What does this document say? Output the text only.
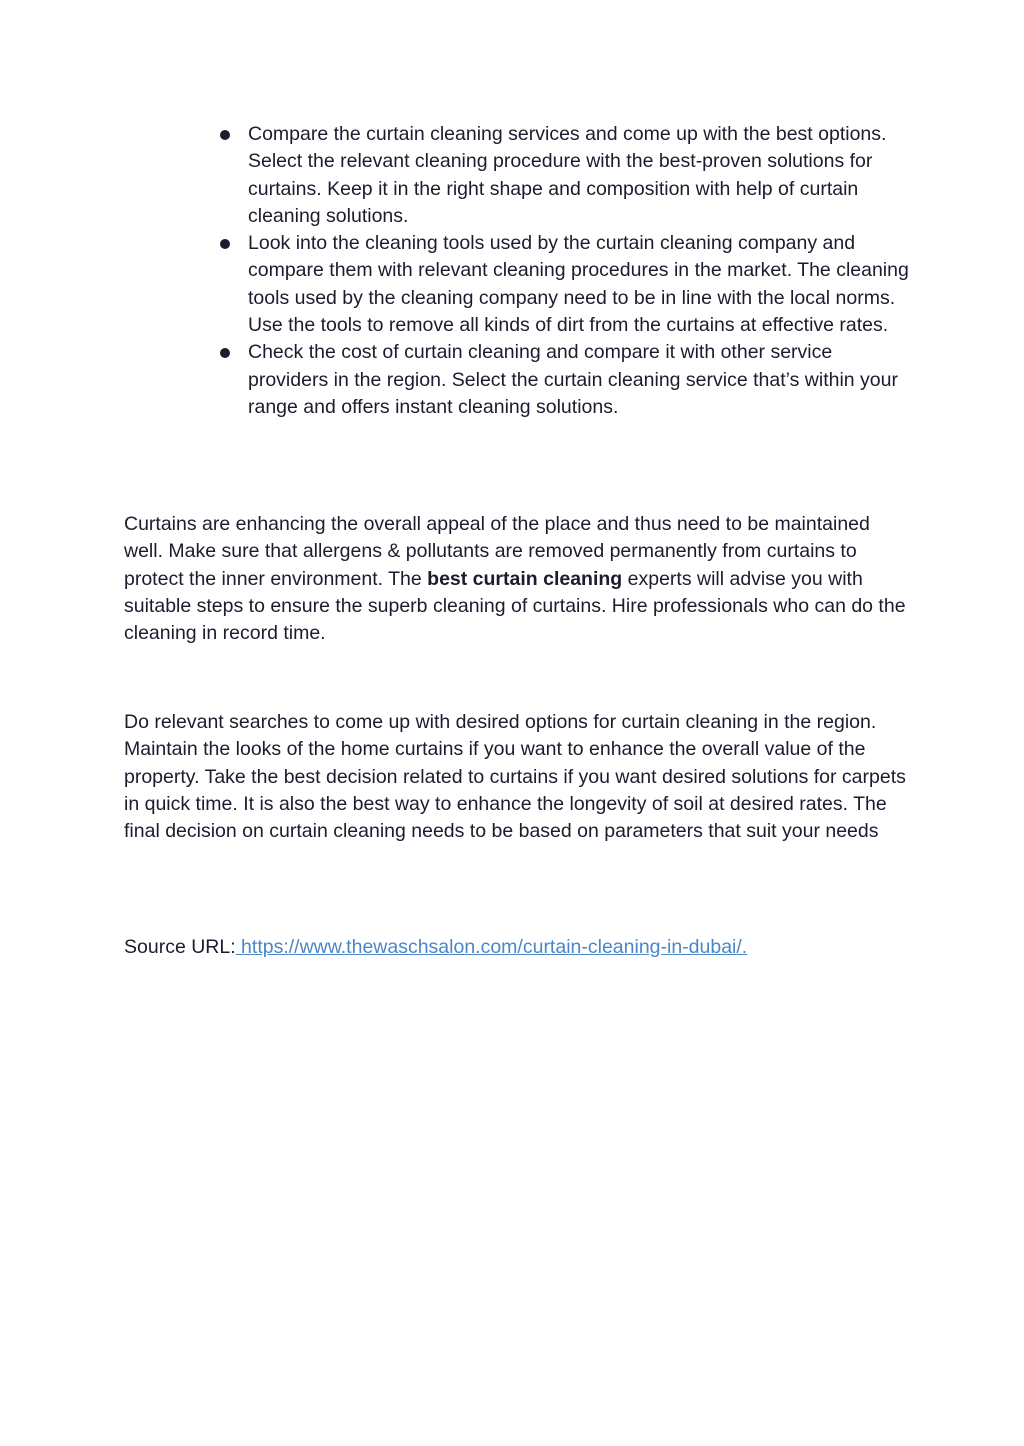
Compare the curtain cleaning services and come up with the best options. Select the relevant cleaning procedure with the best-proven solutions for curtains. Keep it in the right shape and composition with help of curtain cleaning solutions.
Look into the cleaning tools used by the curtain cleaning company and compare them with relevant cleaning procedures in the market. The cleaning tools used by the cleaning company need to be in line with the local norms. Use the tools to remove all kinds of dirt from the curtains at effective rates.
Check the cost of curtain cleaning and compare it with other service providers in the region. Select the curtain cleaning service that’s within your range and offers instant cleaning solutions.

Curtains are enhancing the overall appeal of the place and thus need to be maintained well. Make sure that allergens & pollutants are removed permanently from curtains to protect the inner environment. The best curtain cleaning experts will advise you with suitable steps to ensure the superb cleaning of curtains. Hire professionals who can do the cleaning in record time.

Do relevant searches to come up with desired options for curtain cleaning in the region. Maintain the looks of the home curtains if you want to enhance the overall value of the property. Take the best decision related to curtains if you want desired solutions for carpets in quick time. It is also the best way to enhance the longevity of soil at desired rates. The final decision on curtain cleaning needs to be based on parameters that suit your needs

Source URL: https://www.thewaschsalon.com/curtain-cleaning-in-dubai/.
